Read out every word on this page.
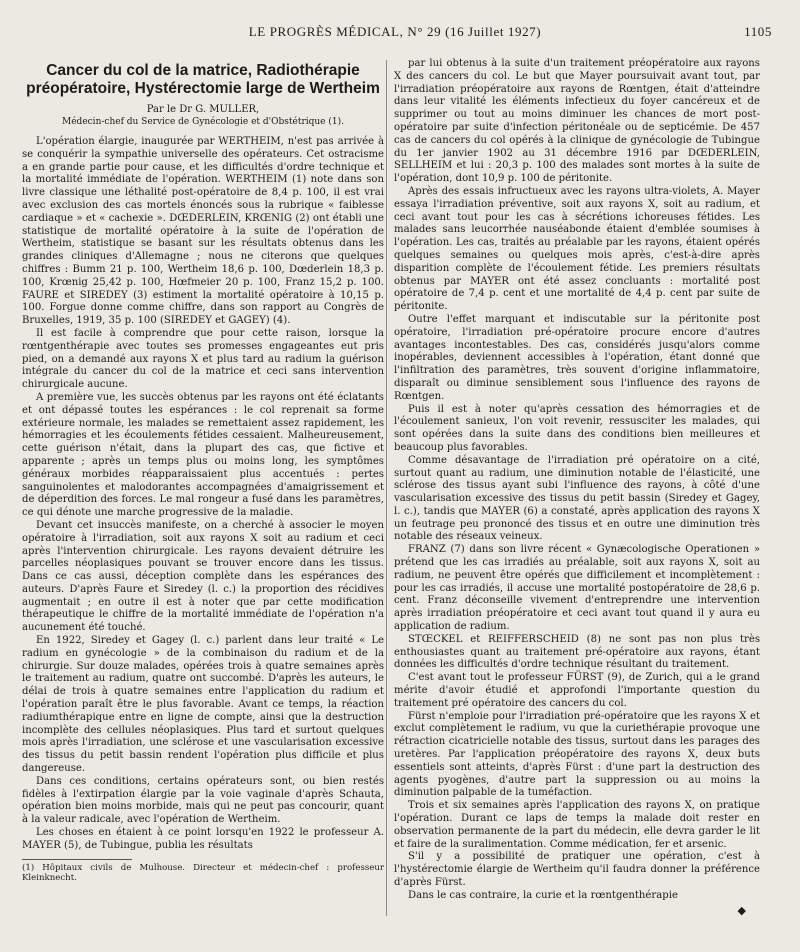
LE PROGRÈS MÉDICAL, N° 29 (16 Juillet 1927)	1105
Cancer du col de la matrice, Radiothérapie préopératoire, Hystérectomie large de Wertheim
Par le Dr G. MULLER,
Médecin-chef du Service de Gynécologie et d'Obstétrique (1).

L'opération élargie, inaugurée par WERTHEIM, n'est pas arrivée à se conquérir la sympathie universelle des opérateurs. Cet ostracisme a en grande partie pour cause, et les difficultés d'ordre technique et la mortalité immédiate de l'opération. WERTHEIM (1) note dans son livre classique une léthalité post-opératoire de 8,4 p. 100, il est vrai avec exclusion des cas mortels énoncés sous la rubrique « faiblesse cardiaque » et « cachexie ». DŒDERLEIN, KRŒNIG (2) ont établi une statistique de mortalité opératoire à la suite de l'opération de Wertheim, statistique se basant sur les résultats obtenus dans les grandes cliniques d'Allemagne ; nous ne citerons que quelques chiffres : Bumm 21 p. 100, Wertheim 18,6 p. 100, Dœderlein 18,3 p. 100, Krœnig 25,42 p. 100, Hœfmeier 20 p. 100, Franz 15,2 p. 100. FAURE et SIREDEY (3) estiment la mortalité opératoire à 10,15 p. 100. Forgue donne comme chiffre, dans son rapport au Congrès de Bruxelles, 1919, 35 p. 100 (SIREDEY et GAGEY) (4).

Il est facile à comprendre que pour cette raison, lorsque la rœntgenthérapie avec toutes ses promesses engageantes eut pris pied, on a demandé aux rayons X et plus tard au radium la guérison intégrale du cancer du col de la matrice et ceci sans intervention chirurgicale aucune.

A première vue, les succès obtenus par les rayons ont été éclatants et ont dépassé toutes les espérances : le col reprenait sa forme extérieure normale, les malades se remettaient assez rapidement, les hémorragies et les écoulements fétides cessaient. Malheureusement, cette guérison n'était, dans la plupart des cas, que fictive et apparente ; après un temps plus ou moins long, les symptômes généraux morbides réapparaissaient plus accentués : pertes sanguinolentes et malodorantes accompagnées d'amaigrissement et de déperdition des forces. Le mal rongeur a fusé dans les paramètres, ce qui dénote une marche progressive de la maladie.

Devant cet insuccès manifeste, on a cherché à associer le moyen opératoire à l'irradiation, soit aux rayons X soit au radium et ceci après l'intervention chirurgicale. Les rayons devaient détruire les parcelles néoplasiques pouvant se trouver encore dans les tissus. Dans ce cas aussi, déception complète dans les espérances des auteurs. D'après Faure et Siredey (l. c.) la proportion des récidives augmentait ; en outre il est à noter que par cette modification thérapeutique le chiffre de la mortalité immédiate de l'opération n'a aucunement été touché.

En 1922, Siredey et Gagey (l. c.) parlent dans leur traité « Le radium en gynécologie » de la combinaison du radium et de la chirurgie. Sur douze malades, opérées trois à quatre semaines après le traitement au radium, quatre ont succombé. D'après les auteurs, le délai de trois à quatre semaines entre l'application du radium et l'opération paraît être le plus favorable. Avant ce temps, la réaction radiumthérapique entre en ligne de compte, ainsi que la destruction incomplète des cellules néoplasiques. Plus tard et surtout quelques mois après l'irradiation, une sclérose et une vascularisation excessive des tissus du petit bassin rendent l'opération plus difficile et plus dangereuse.

Dans ces conditions, certains opérateurs sont, ou bien restés fidèles à l'extirpation élargie par la voie vaginale d'après Schauta, opération bien moins morbide, mais qui ne peut pas concourir, quant à la valeur radicale, avec l'opération de Wertheim.

Les choses en étaient à ce point lorsqu'en 1922 le professeur A. MAYER (5), de Tubingue, publia les résultats

(1) Hôpitaux civils de Mulhouse. Directeur et médecin-chef : professeur Kleinknecht.

par lui obtenus à la suite d'un traitement préopératoire aux rayons X des cancers du col. Le but que Mayer poursuivait avant tout, par l'irradiation préopératoire aux rayons de Rœntgen, était d'atteindre dans leur vitalité les éléments infectieux du foyer cancéreux et de supprimer ou tout au moins diminuer les chances de mort post-opératoire par suite d'infection péritonéale ou de septicémie. De 457 cas de cancers du col opérés à la clinique de gynécologie de Tubingue du 1er janvier 1902 au 31 décembre 1916 par DŒDERLEIN, SELLHEIM et lui : 20,3 p. 100 des malades sont mortes à la suite de l'opération, dont 10,9 p. 100 de péritonite.

Après des essais infructueux avec les rayons ultra-violets, A. Mayer essaya l'irradiation préventive, soit aux rayons X, soit au radium, et ceci avant tout pour les cas à sécrétions ichoreuses fétides. Les malades sans leucorrhée nauséabonde étaient d'emblée soumises à l'opération. Les cas, traités au préalable par les rayons, étaient opérés quelques semaines ou quelques mois après, c'est-à-dire après disparition complète de l'écoulement fétide. Les premiers résultats obtenus par MAYER ont été assez concluants : mortalité post opératoire de 7,4 p. cent et une mortalité de 4,4 p. cent par suite de péritonite.

Outre l'effet marquant et indiscutable sur la péritonite post opératoire, l'irradiation pré-opératoire procure encore d'autres avantages incontestables. Des cas, considérés jusqu'alors comme inopérables, deviennent accessibles à l'opération, étant donné que l'infiltration des paramètres, très souvent d'origine inflammatoire, disparaît ou diminue sensiblement sous l'influence des rayons de Rœntgen.

Puis il est à noter qu'après cessation des hémorragies et de l'écoulement sanieux, l'on voit revenir, ressusciter les malades, qui sont opérées dans la suite dans des conditions bien meilleures et beaucoup plus favorables.

Comme désavantage de l'irradiation pré opératoire on a cité, surtout quant au radium, une diminution notable de l'élasticité, une sclérose des tissus ayant subi l'influence des rayons, à côté d'une vascularisation excessive des tissus du petit bassin (Siredey et Gagey, l. c.), tandis que MAYER (6) a constaté, après application des rayons X un feutrage peu prononcé des tissus et en outre une diminution très notable des réseaux veineux.

FRANZ (7) dans son livre récent « Gynæcologische Operationen » prétend que les cas irradiés au préalable, soit aux rayons X, soit au radium, ne peuvent être opérés que difficilement et incomplètement : pour les cas irradiés, il accuse une mortalité postopératoire de 28,6 p. cent. Franz déconseille vivement d'entreprendre une intervention après irradiation préopératoire et ceci avant tout quand il y aura eu application de radium.

STŒCKEL et REIFFERSCHEID (8) ne sont pas non plus très enthousiastes quant au traitement pré-opératoire aux rayons, étant données les difficultés d'ordre technique résultant du traitement.

C'est avant tout le professeur FÜRST (9), de Zurich, qui a le grand mérite d'avoir étudié et approfondi l'importante question du traitement pré opératoire des cancers du col.

Fürst n'emploie pour l'irradiation pré-opératoire que les rayons X et exclut complètement le radium, vu que la curiethérapie provoque une rétraction cicatricielle notable des tissus, surtout dans les parages des uretères. Par l'application préopératoire des rayons X, deux buts essentiels sont atteints, d'après Fürst : d'une part la destruction des agents pyogènes, d'autre part la suppression ou au moins la diminution palpable de la tuméfaction.

Trois et six semaines après l'application des rayons X, on pratique l'opération. Durant ce laps de temps la malade doit rester en observation permanente de la part du médecin, elle devra garder le lit et faire de la suralimentation. Comme médication, fer et arsenic.

S'il y a possibilité de pratiquer une opération, c'est à l'hystérectomie élargie de Wertheim qu'il faudra donner la préférence d'après Fürst.

Dans le cas contraire, la curie et la rœntgenthérapie

◆
